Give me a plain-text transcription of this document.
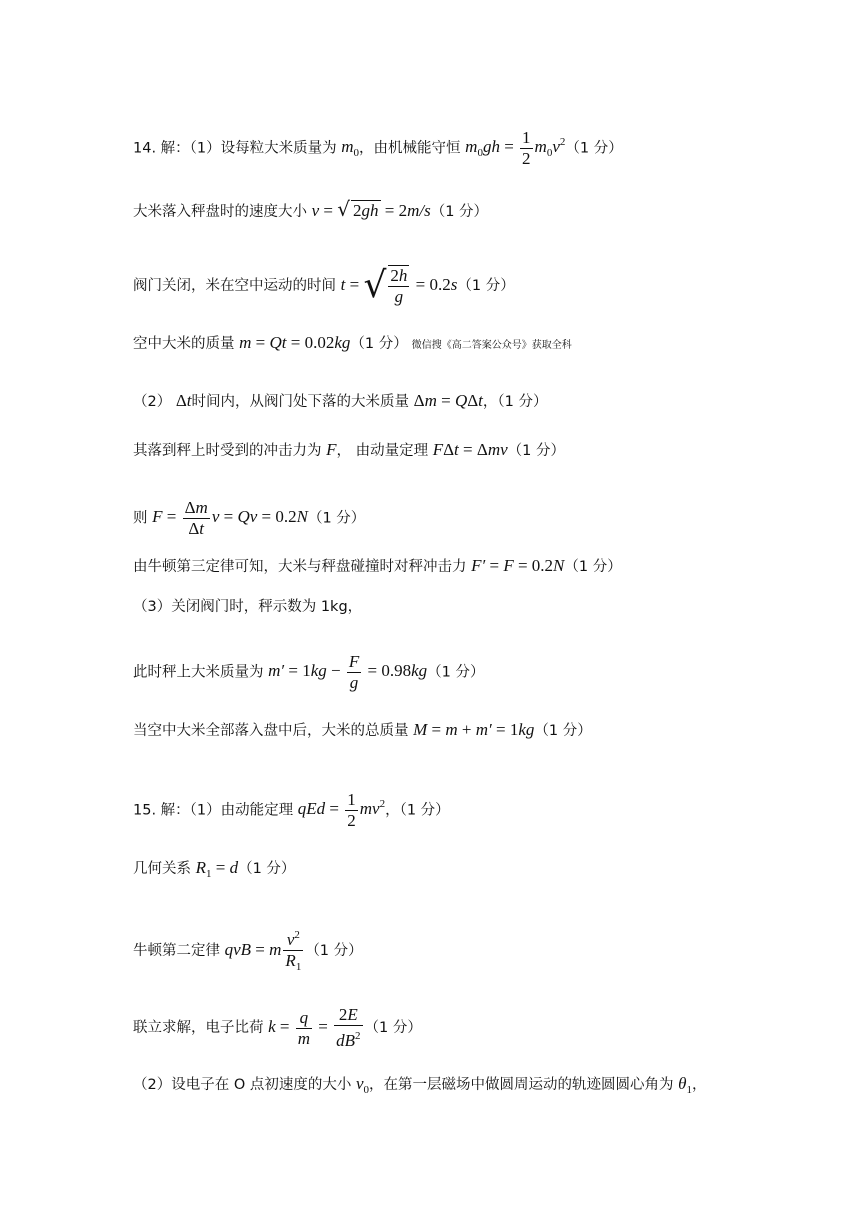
14. 解：（1）设每粒大米质量为 $m_0$，由机械能守恒 $m_0gh = \frac{1}{2} m_0v^2(1$ 分）
大米落入秤盘时的速度大小 v = √ 2gh = 2m/s（1 分）
阀门关闭，米在空中运动的时间 t = √ $\frac{2h}{g} = 0.2s(1$ 分）
空中大米的质量 m = Qt = 0.02kg（1 分） 微信搜《高二答案公众号》获取全科
（2） Δt时间内，从阀门处下落的大米质量 Δm = QΔt，（1 分）
其落到秤上时受到的冲击力为 F， 由动量定理 FΔt = Δmv（1 分）
则 $F = \frac{\Delta m}{\Delta t}$ v = Qv = 0.2N（1 分）
由牛顿第三定律可知，大米与秤盘碰撞时对秤冲击力 F′ = F = 0.2N（1 分）
（3）关闭阀门时，秤示数为 1kg，
此时秤上大米质量为 $m' = 1kg - \frac{F}{g} = 0.98kg(1$ 分）
当空中大米全部落入盘中后，大米的总质量 M = m + m′ = 1kg（1 分）
15. 解：（1）由动能定理 qEd = $\frac{1}{2} mv^2$，（1 分）
几何关系 $R_1 = d(1$ 分）
牛顿第二定律 qvB = m $\frac{v^2}{R_1} (1$ 分）
联立求解，电子比荷 $k = \frac{q}{m} = \frac{2E}{dB^2} (1$ 分）
（2）设电子在 O 点初速度的大小 $v_0$，在第一层磁场中做圆周运动的轨迹圆圆心角为 $\theta_1$，
